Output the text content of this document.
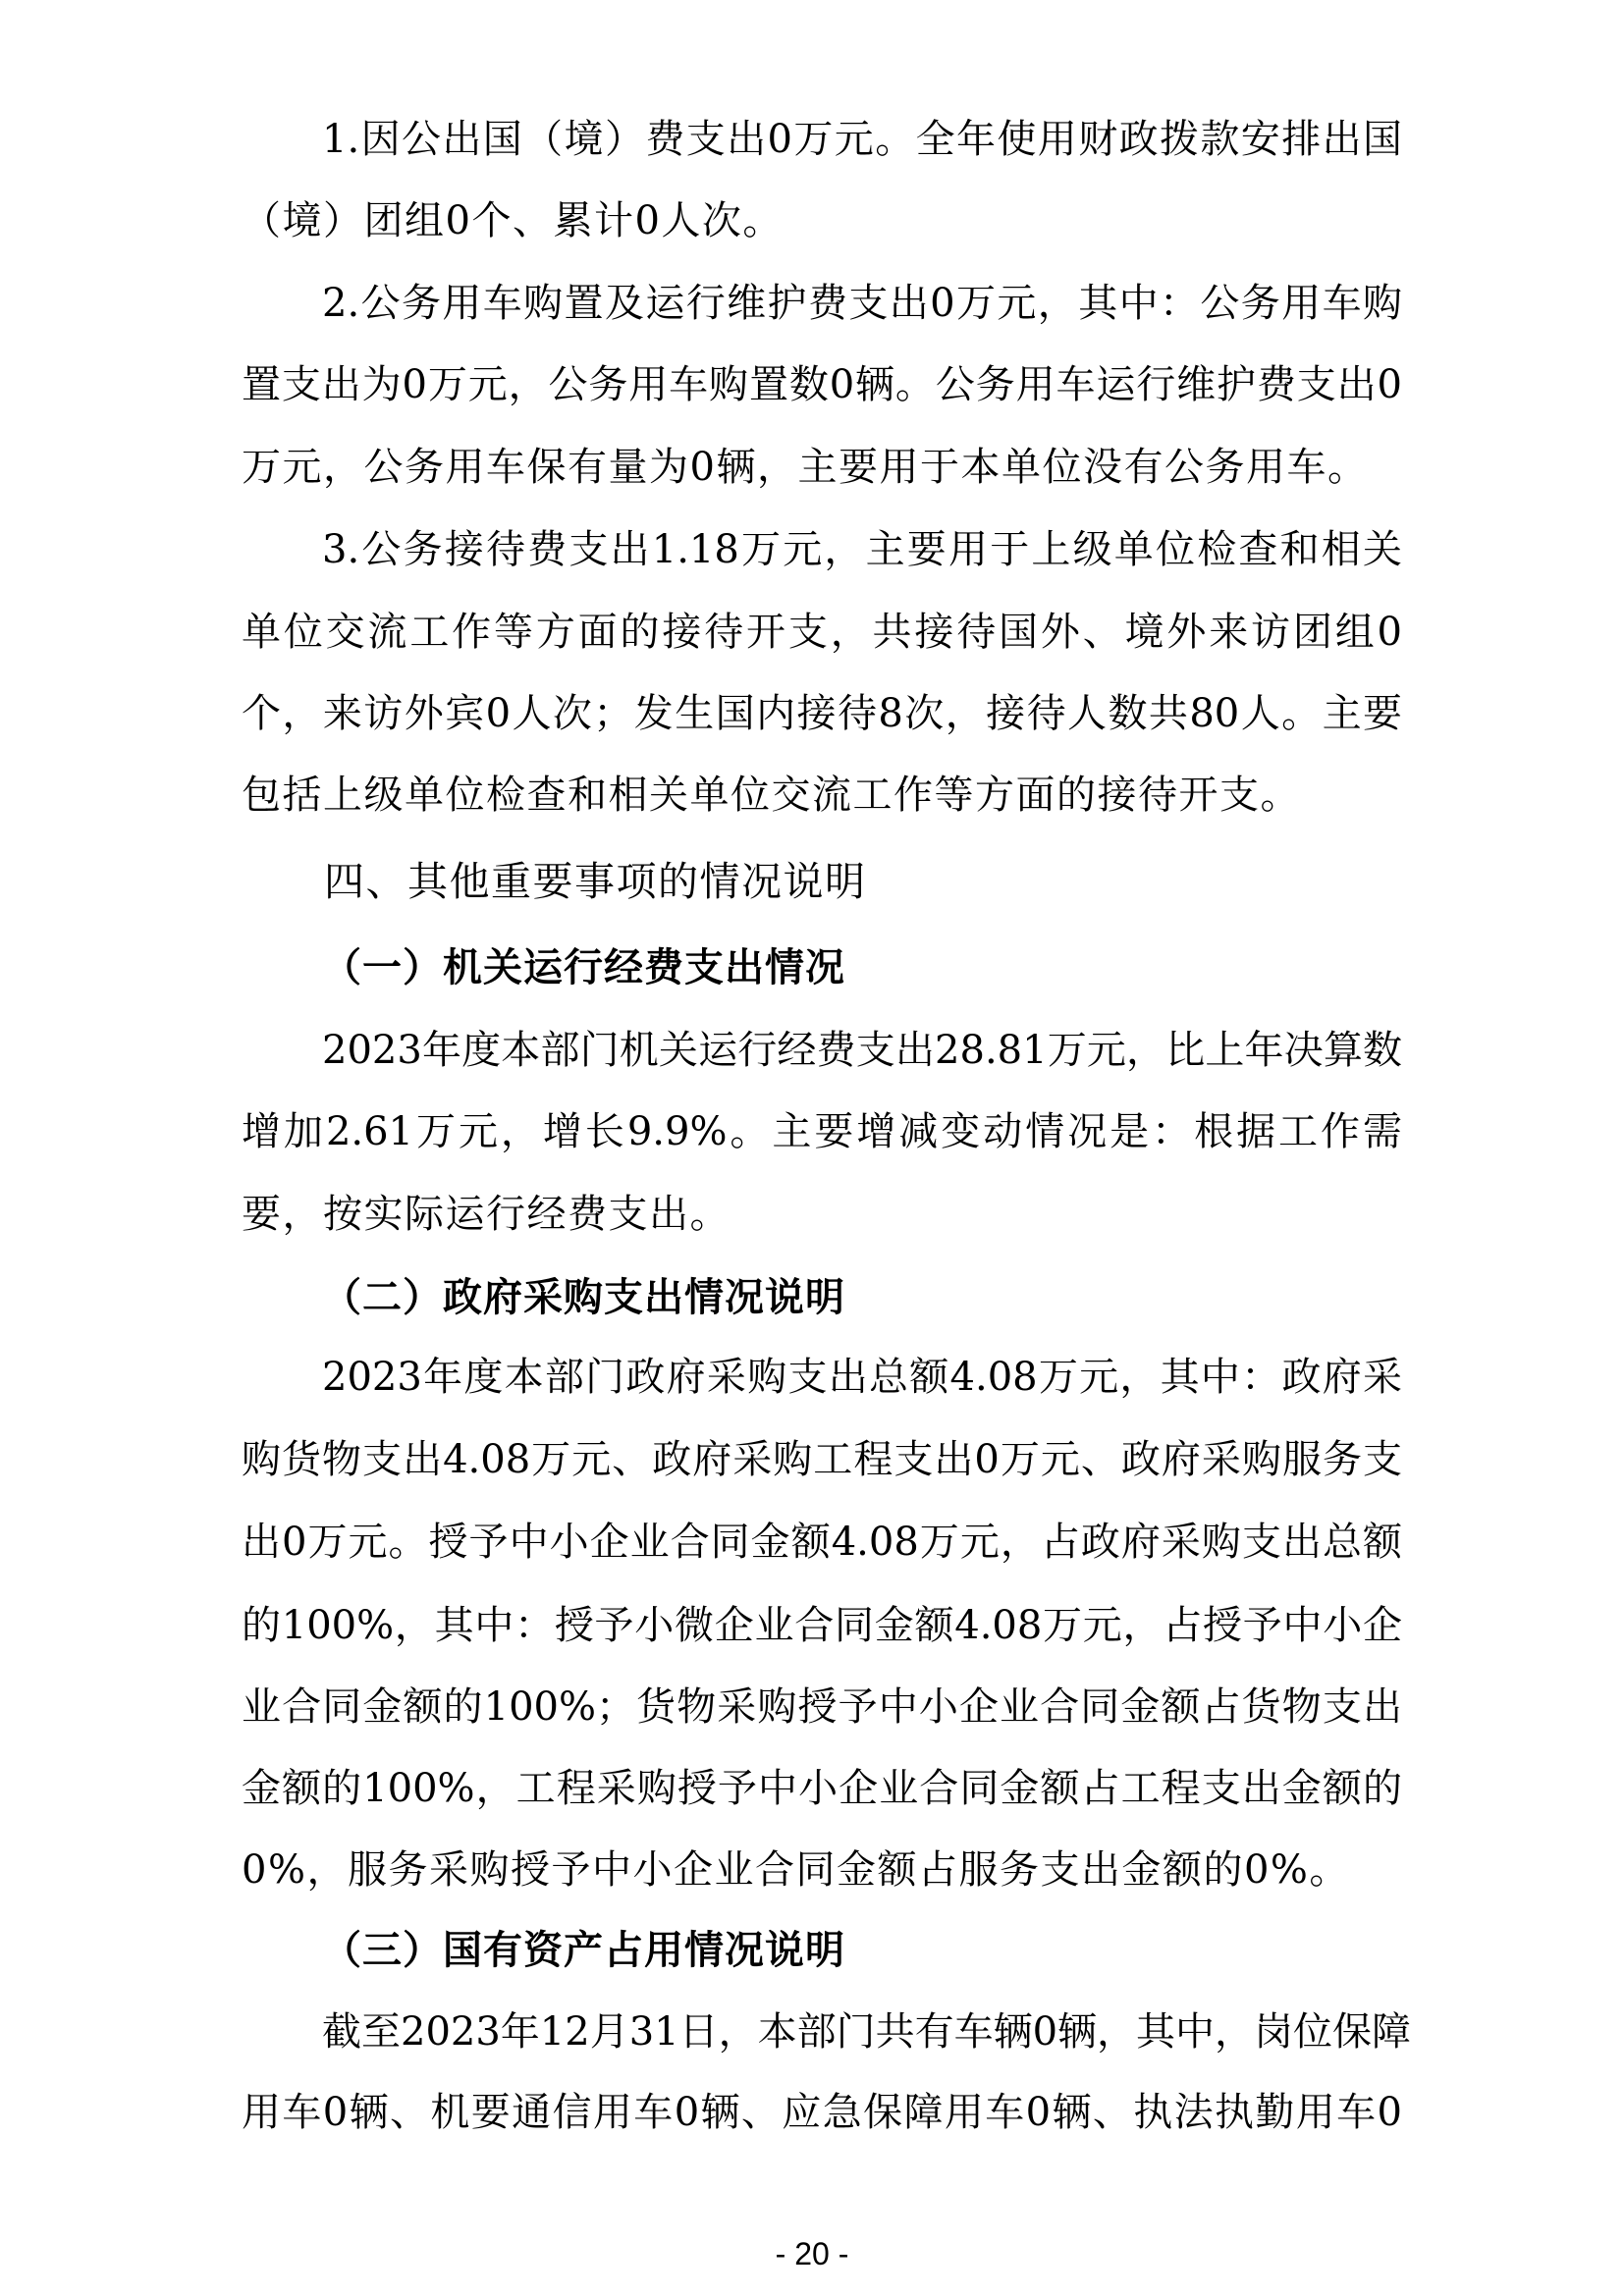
1.因公出国（境）费支出0万元。全年使用财政拨款安排出国
（境）团组0个、累计0人次。
2.公务用车购置及运行维护费支出0万元，其中：公务用车购
置支出为0万元，公务用车购置数0辆。公务用车运行维护费支出0
万元，公务用车保有量为0辆，主要用于本单位没有公务用车。
3.公务接待费支出1.18万元，主要用于上级单位检查和相关
单位交流工作等方面的接待开支，共接待国外、境外来访团组0
个，来访外宾0人次；发生国内接待8次，接待人数共80人。主要
包括上级单位检查和相关单位交流工作等方面的接待开支。
四、其他重要事项的情况说明
（一）机关运行经费支出情况
2023年度本部门机关运行经费支出28.81万元，比上年决算数
增加2.61万元，增长9.9%。主要增减变动情况是：根据工作需
要，按实际运行经费支出。
（二）政府采购支出情况说明
2023年度本部门政府采购支出总额4.08万元，其中：政府采
购货物支出4.08万元、政府采购工程支出0万元、政府采购服务支
出0万元。授予中小企业合同金额4.08万元，占政府采购支出总额
的100%，其中：授予小微企业合同金额4.08万元，占授予中小企
业合同金额的100%；货物采购授予中小企业合同金额占货物支出
金额的100%，工程采购授予中小企业合同金额占工程支出金额的
0%，服务采购授予中小企业合同金额占服务支出金额的0%。
（三）国有资产占用情况说明
截至2023年12月31日，本部门共有车辆0辆，其中，岗位保障
用车0辆、机要通信用车0辆、应急保障用车0辆、执法执勤用车0
- 20 -
